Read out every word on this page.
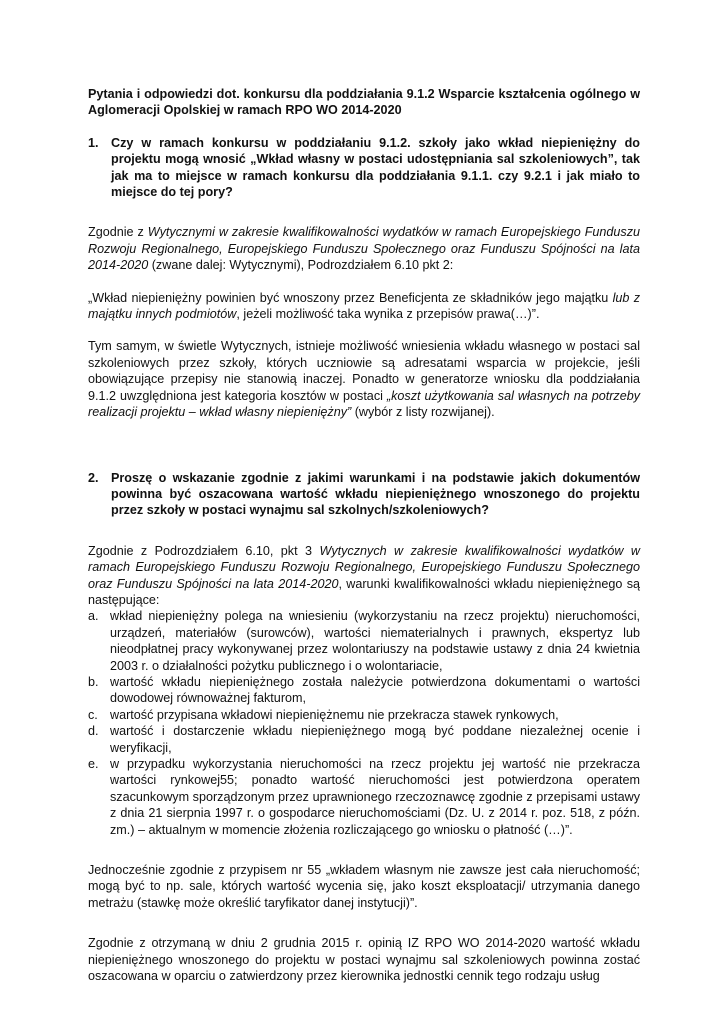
Pytania i odpowiedzi dot. konkursu dla poddziałania 9.1.2 Wsparcie kształcenia ogólnego w Aglomeracji Opolskiej w ramach RPO WO 2014-2020

1. Czy w ramach konkursu w poddziałaniu 9.1.2. szkoły jako wkład niepieniężny do projektu mogą wnosić „Wkład własny w postaci udostępniania sal szkoleniowych”, tak jak ma to miejsce w ramach konkursu dla poddziałania 9.1.1. czy 9.2.1 i jak miało to miejsce do tej pory?

Zgodnie z Wytycznymi w zakresie kwalifikowalności wydatków w ramach Europejskiego Funduszu Rozwoju Regionalnego, Europejskiego Funduszu Społecznego oraz Funduszu Spójności na lata 2014-2020 (zwane dalej: Wytycznymi), Podrozdziałem 6.10 pkt 2:

„Wkład niepieniężny powinien być wnoszony przez Beneficjenta ze składników jego majątku lub z majątku innych podmiotów, jeżeli możliwość taka wynika z przepisów prawa(…)”.

Tym samym, w świetle Wytycznych, istnieje możliwość wniesienia wkładu własnego w postaci sal szkoleniowych przez szkoły, których uczniowie są adresatami wsparcia w projekcie, jeśli obowiązujące przepisy nie stanowią inaczej. Ponadto w generatorze wniosku dla poddziałania 9.1.2 uwzględniona jest kategoria kosztów w postaci „koszt użytkowania sal własnych na potrzeby realizacji projektu – wkład własny niepieniężny” (wybór z listy rozwijanej).

2. Proszę o wskazanie zgodnie z jakimi warunkami i na podstawie jakich dokumentów powinna być oszacowana wartość wkładu niepieniężnego wnoszonego do projektu przez szkoły w postaci wynajmu sal szkolnych/szkoleniowych?

Zgodnie z Podrozdziałem 6.10, pkt 3 Wytycznych w zakresie kwalifikowalności wydatków w ramach Europejskiego Funduszu Rozwoju Regionalnego, Europejskiego Funduszu Społecznego oraz Funduszu Spójności na lata 2014-2020, warunki kwalifikowalności wkładu niepieniężnego są następujące:

a. wkład niepieniężny polega na wniesieniu (wykorzystaniu na rzecz projektu) nieruchomości, urządzeń, materiałów (surowców), wartości niematerialnych i prawnych, ekspertyz lub nieodpłatnej pracy wykonywanej przez wolontariuszy na podstawie ustawy z dnia 24 kwietnia 2003 r. o działalności pożytku publicznego i o wolontariacie,
b. wartość wkładu niepieniężnego została należycie potwierdzona dokumentami o wartości dowodowej równoważnej fakturom,
c. wartość przypisana wkładowi niepieniężnemu nie przekracza stawek rynkowych,
d. wartość i dostarczenie wkładu niepieniężnego mogą być poddane niezależnej ocenie i weryfikacji,
e. w przypadku wykorzystania nieruchomości na rzecz projektu jej wartość nie przekracza wartości rynkowej55; ponadto wartość nieruchomości jest potwierdzona operatem szacunkowym sporządzonym przez uprawnionego rzeczoznawcę zgodnie z przepisami ustawy z dnia 21 sierpnia 1997 r. o gospodarce nieruchomościami (Dz. U. z 2014 r. poz. 518, z późn. zm.) – aktualnym w momencie złożenia rozliczającego go wniosku o płatność (…)”.

Jednocześnie zgodnie z przypisem nr 55 „wkładem własnym nie zawsze jest cała nieruchomość; mogą być to np. sale, których wartość wycenia się, jako koszt eksploatacji/ utrzymania danego metrażu (stawkę może określić taryfikator danej instytucji)”.

Zgodnie z otrzymaną w dniu 2 grudnia 2015 r. opinią IZ RPO WO 2014-2020 wartość wkładu niepieniężnego wnoszonego do projektu w postaci wynajmu sal szkoleniowych powinna zostać oszacowana w oparciu o zatwierdzony przez kierownika jednostki cennik tego rodzaju usług
